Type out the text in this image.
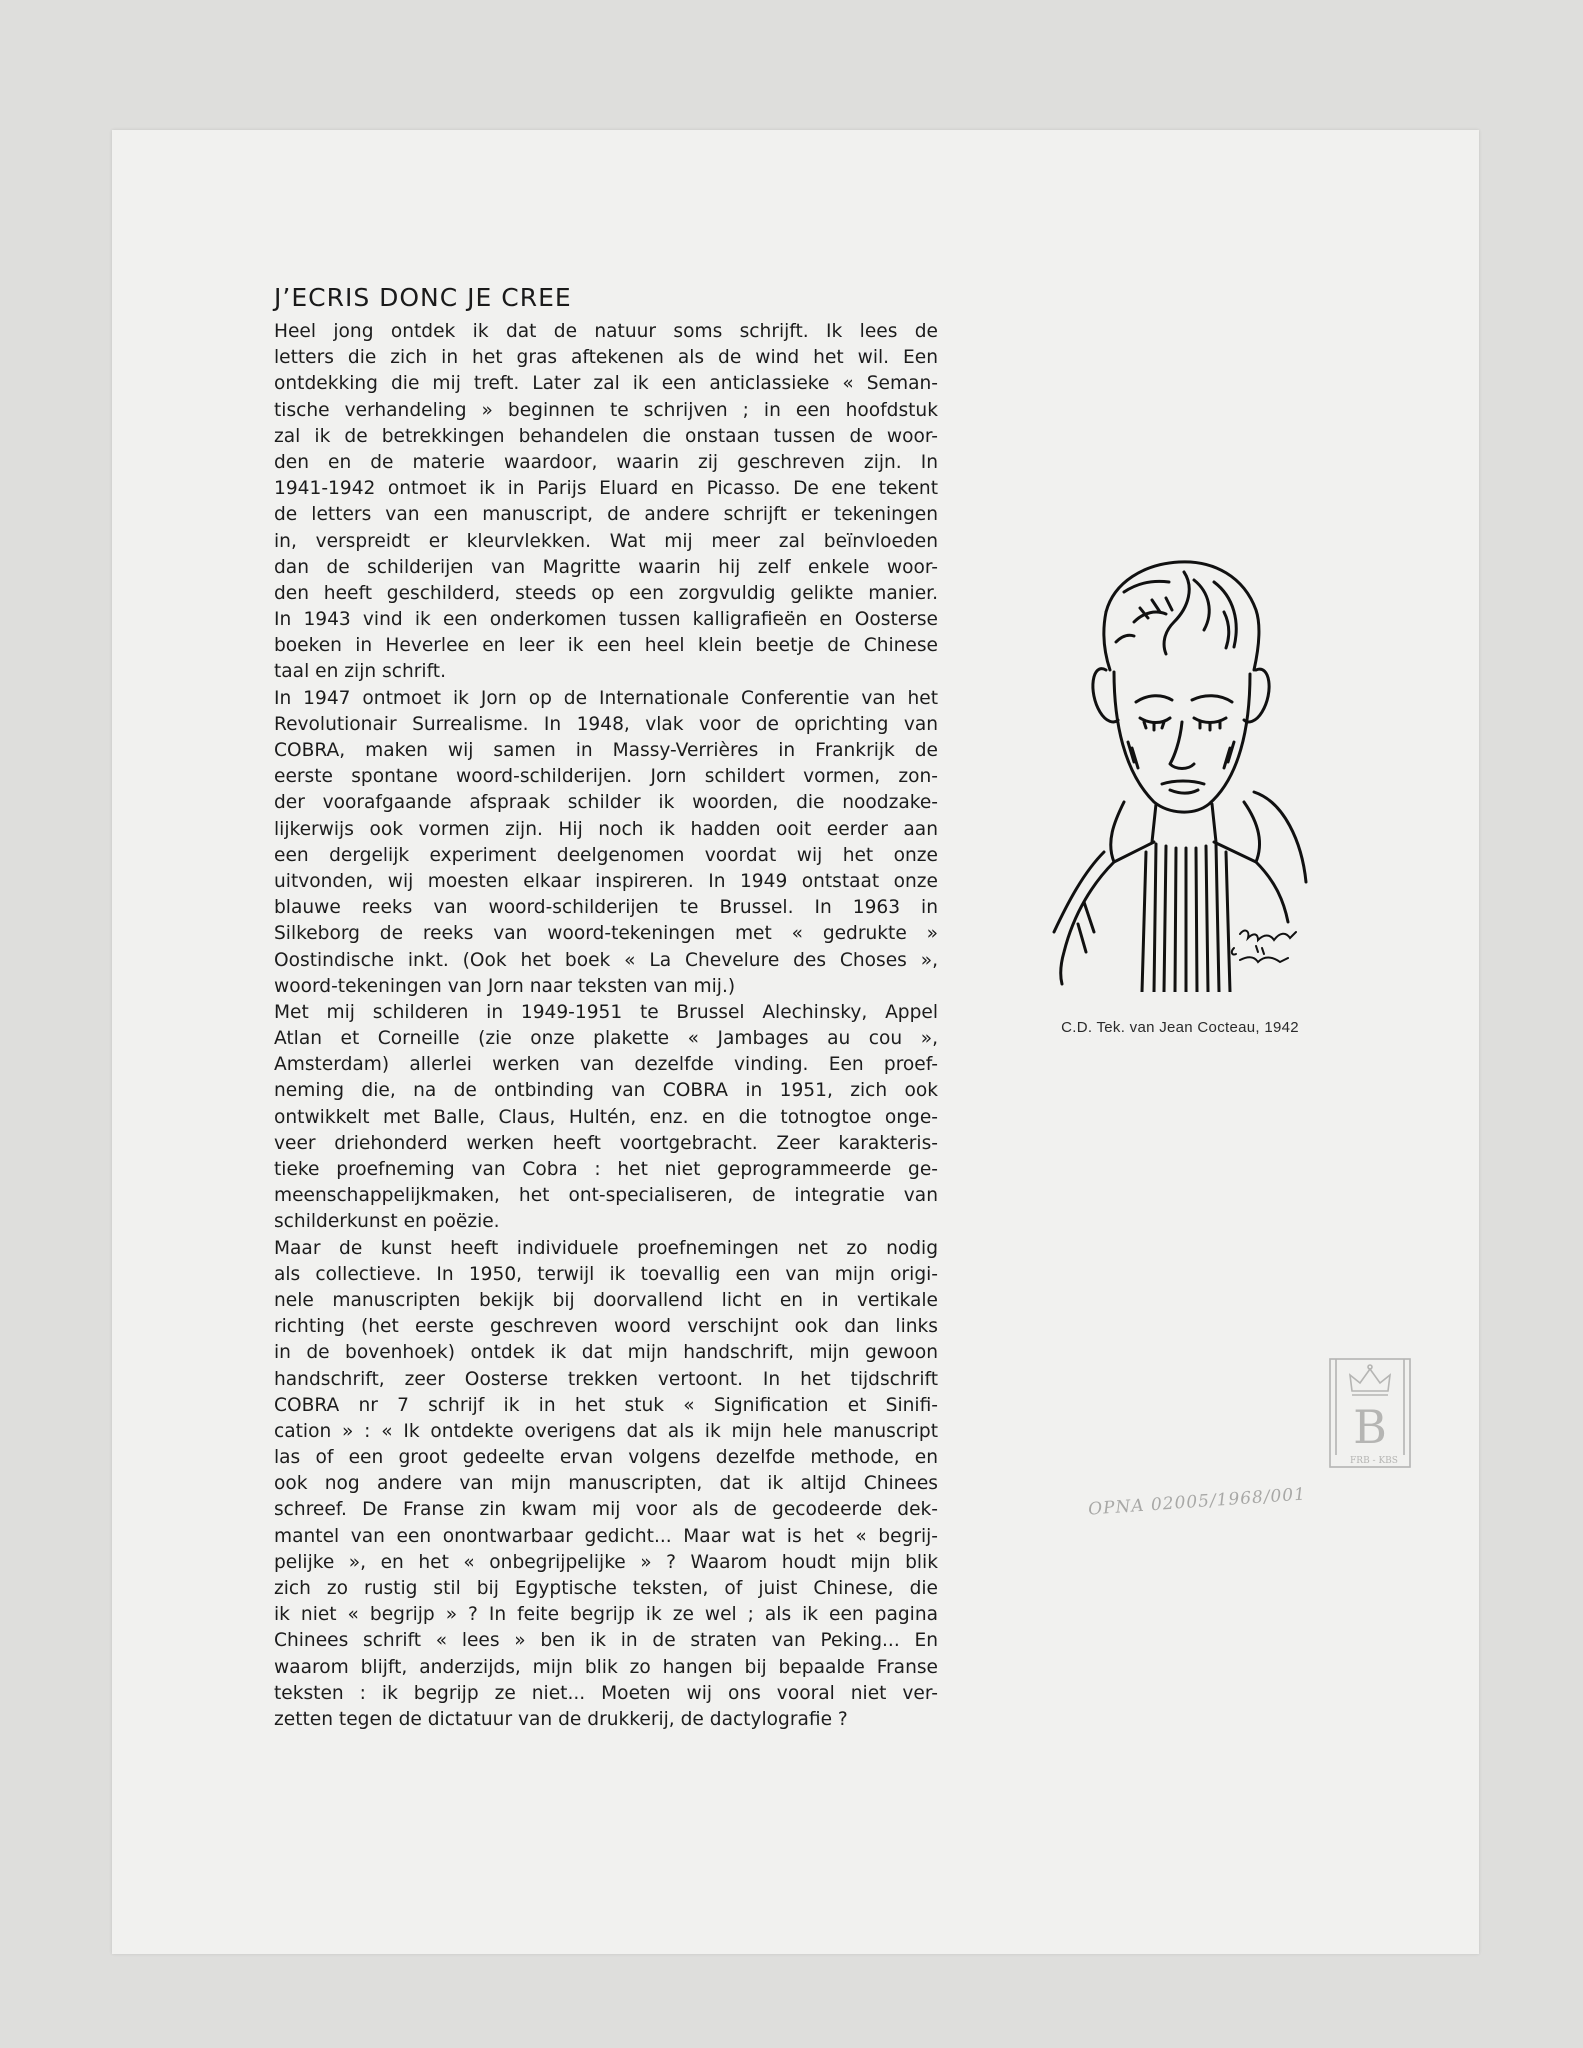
J’ECRIS DONC JE CREE
Heel jong ontdek ik dat de natuur soms schrijft. Ik lees de
letters die zich in het gras aftekenen als de wind het wil. Een
ontdekking die mij treft. Later zal ik een anticlassieke « Seman-
tische verhandeling » beginnen te schrijven ; in een hoofdstuk
zal ik de betrekkingen behandelen die onstaan tussen de woor-
den en de materie waardoor, waarin zij geschreven zijn. In
1941-1942 ontmoet ik in Parijs Eluard en Picasso. De ene tekent
de letters van een manuscript, de andere schrijft er tekeningen
in, verspreidt er kleurvlekken. Wat mij meer zal beïnvloeden
dan de schilderijen van Magritte waarin hij zelf enkele woor-
den heeft geschilderd, steeds op een zorgvuldig gelikte manier.
In 1943 vind ik een onderkomen tussen kalligrafieën en Oosterse
boeken in Heverlee en leer ik een heel klein beetje de Chinese
taal en zijn schrift.
In 1947 ontmoet ik Jorn op de Internationale Conferentie van het
Revolutionair Surrealisme. In 1948, vlak voor de oprichting van
COBRA, maken wij samen in Massy-Verrières in Frankrijk de
eerste spontane woord-schilderijen. Jorn schildert vormen, zon-
der voorafgaande afspraak schilder ik woorden, die noodzake-
lijkerwijs ook vormen zijn. Hij noch ik hadden ooit eerder aan
een dergelijk experiment deelgenomen voordat wij het onze
uitvonden, wij moesten elkaar inspireren. In 1949 ontstaat onze
blauwe reeks van woord-schilderijen te Brussel. In 1963 in
Silkeborg de reeks van woord-tekeningen met « gedrukte »
Oostindische inkt. (Ook het boek « La Chevelure des Choses »,
woord-tekeningen van Jorn naar teksten van mij.)
Met mij schilderen in 1949-1951 te Brussel Alechinsky, Appel
Atlan et Corneille (zie onze plakette « Jambages au cou »,
Amsterdam) allerlei werken van dezelfde vinding. Een proef-
neming die, na de ontbinding van COBRA in 1951, zich ook
ontwikkelt met Balle, Claus, Hultén, enz. en die totnogtoe onge-
veer driehonderd werken heeft voortgebracht. Zeer karakteris-
tieke proefneming van Cobra : het niet geprogrammeerde ge-
meenschappelijkmaken, het ont-specialiseren, de integratie van
schilderkunst en poëzie.
Maar de kunst heeft individuele proefnemingen net zo nodig
als collectieve. In 1950, terwijl ik toevallig een van mijn origi-
nele manuscripten bekijk bij doorvallend licht en in vertikale
richting (het eerste geschreven woord verschijnt ook dan links
in de bovenhoek) ontdek ik dat mijn handschrift, mijn gewoon
handschrift, zeer Oosterse trekken vertoont. In het tijdschrift
COBRA nr 7 schrijf ik in het stuk « Signification et Sinifi-
cation » : « Ik ontdekte overigens dat als ik mijn hele manuscript
las of een groot gedeelte ervan volgens dezelfde methode, en
ook nog andere van mijn manuscripten, dat ik altijd Chinees
schreef. De Franse zin kwam mij voor als de gecodeerde dek-
mantel van een onontwarbaar gedicht... Maar wat is het « begrij-
pelijke », en het « onbegrijpelijke » ? Waarom houdt mijn blik
zich zo rustig stil bij Egyptische teksten, of juist Chinese, die
ik niet « begrijp » ? In feite begrijp ik ze wel ; als ik een pagina
Chinees schrift « lees » ben ik in de straten van Peking... En
waarom blijft, anderzijds, mijn blik zo hangen bij bepaalde Franse
teksten : ik begrijp ze niet... Moeten wij ons vooral niet ver-
zetten tegen de dictatuur van de drukkerij, de dactylografie ?
C.D. Tek. van Jean Cocteau, 1942
B
FRB - KBS
OPNA 02005/1968/001
